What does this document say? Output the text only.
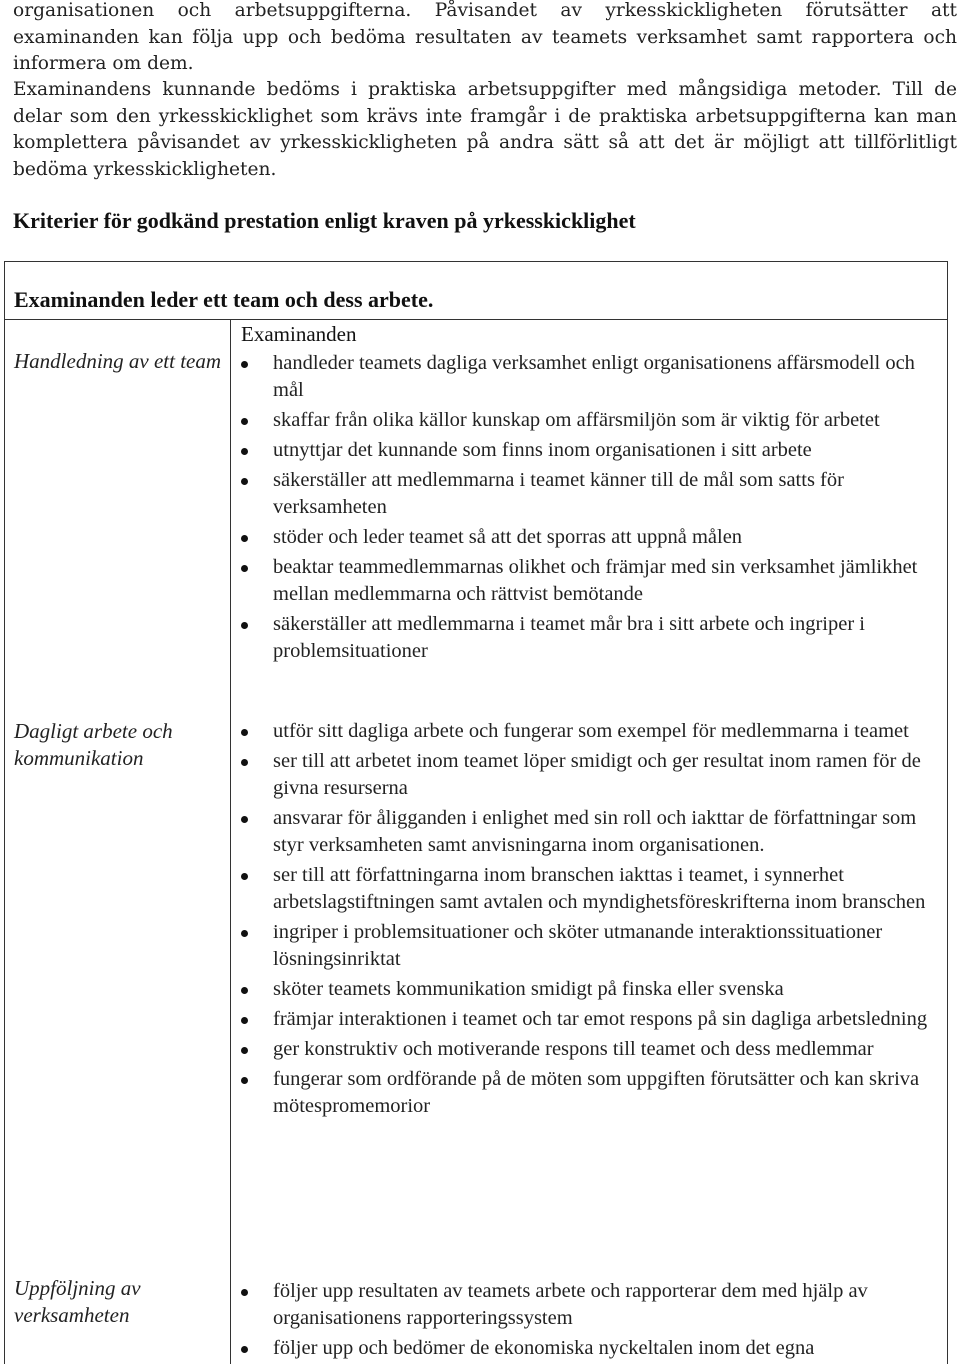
organisationen och arbetsuppgifterna. Påvisandet av yrkesskickligheten förutsätter att examinanden kan följa upp och bedöma resultaten av teamets verksamhet samt rapportera och informera om dem.

Examinandens kunnande bedöms i praktiska arbetsuppgifter med mångsidiga metoder. Till de delar som den yrkesskicklighet som krävs inte framgår i de praktiska arbetsuppgifterna kan man komplettera påvisandet av yrkesskickligheten på andra sätt så att det är möjligt att tillförlitligt bedöma yrkesskickligheten.

Kriterier för godkänd prestation enligt kraven på yrkesskicklighet
Examinanden leder ett team och dess arbete.
Examinanden
Handledning av ett team	handleder teamets dagliga verksamhet enligt organisationens affärsmodell och mål
skaffar från olika källor kunskap om affärsmiljön som är viktig för arbetet
utnyttjar det kunnande som finns inom organisationen i sitt arbete
säkerställer att medlemmarna i teamet känner till de mål som satts för verksamheten
stöder och leder teamet så att det sporras att uppnå målen
beaktar teammedlemmarnas olikhet och främjar med sin verksamhet jämlikhet mellan medlemmarna och rättvist bemötande
säkerställer att medlemmarna i teamet mår bra i sitt arbete och ingriper i problemsituationer
Dagligt arbete och kommunikation
utför sitt dagliga arbete och fungerar som exempel för medlemmarna i teamet
ser till att arbetet inom teamet löper smidigt och ger resultat inom ramen för de givna resurserna
ansvarar för åligganden i enlighet med sin roll och iakttar de författningar som styr verksamheten samt anvisningarna inom organisationen.
ser till att författningarna inom branschen iakttas i teamet, i synnerhet arbetslagstiftningen samt avtalen och myndighetsföreskrifterna inom branschen
ingriper i problemsituationer och sköter utmanande interaktionssituationer lösningsinriktat
sköter teamets kommunikation smidigt på finska eller svenska
främjar interaktionen i teamet och tar emot respons på sin dagliga arbetsledning
ger konstruktiv och motiverande respons till teamet och dess medlemmar
fungerar som ordförande på de möten som uppgiften förutsätter och kan skriva mötespromemorior
Uppföljning av verksamheten
följer upp resultaten av teamets arbete och rapporterar dem med hjälp av organisationens rapporteringssystem
följer upp och bedömer de ekonomiska nyckeltalen inom det egna
